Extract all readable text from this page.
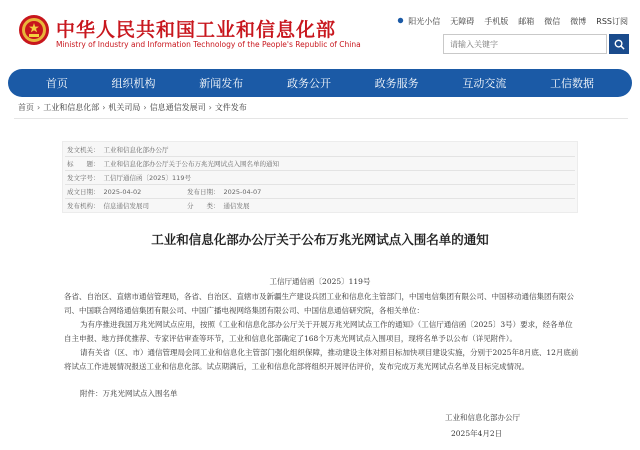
中华人民共和国工业和信息化部
Ministry of Industry and Information Technology of the People's Republic of China
阳光小信 无障碍 手机版 邮箱 微信 微博 RSS订阅
请输入关键字
首页	组织机构	新闻发布	政务公开	政务服务	互动交流	工信数据
首页 › 工业和信息化部 › 机关司局 › 信息通信发展司 › 文件发布
发文机关： 工业和信息化部办公厅
标　　题： 工业和信息化部办公厅关于公布万兆光网试点入围名单的通知
发文字号： 工信厅通信函〔2025〕119号
成文日期： 2025-04-02	发布日期： 2025-04-07
发布机构： 信息通信发展司	分　　类： 通信发展
工业和信息化部办公厅关于公布万兆光网试点入围名单的通知
工信厅通信函〔2025〕119号
各省、自治区、直辖市通信管理局，各省、自治区、直辖市及新疆生产建设兵团工业和信息化主管部门，中国电信集团有限公司、中国移动通信集团有限公司、中国联合网络通信集团有限公司、中国广播电视网络集团有限公司、中国信息通信研究院，各相关单位：
为有序推进我国万兆光网试点应用，按照《工业和信息化部办公厅关于开展万兆光网试点工作的通知》（工信厅通信函〔2025〕3号）要求，经各单位自主申报、地方择优推荐、专家评估审查等环节，工业和信息化部确定了168个万兆光网试点入围项目，现将名单予以公布（详见附件）。
请有关省（区、市）通信管理局会同工业和信息化主管部门强化组织保障，推动建设主体对照目标加快项目建设实施，分别于2025年8月底、12月底前将试点工作进展情况报送工业和信息化部。试点期满后，工业和信息化部将组织开展评估评价，发布完成万兆光网试点名单及目标完成情况。
附件：万兆光网试点入围名单
工业和信息化部办公厅
2025年4月2日
